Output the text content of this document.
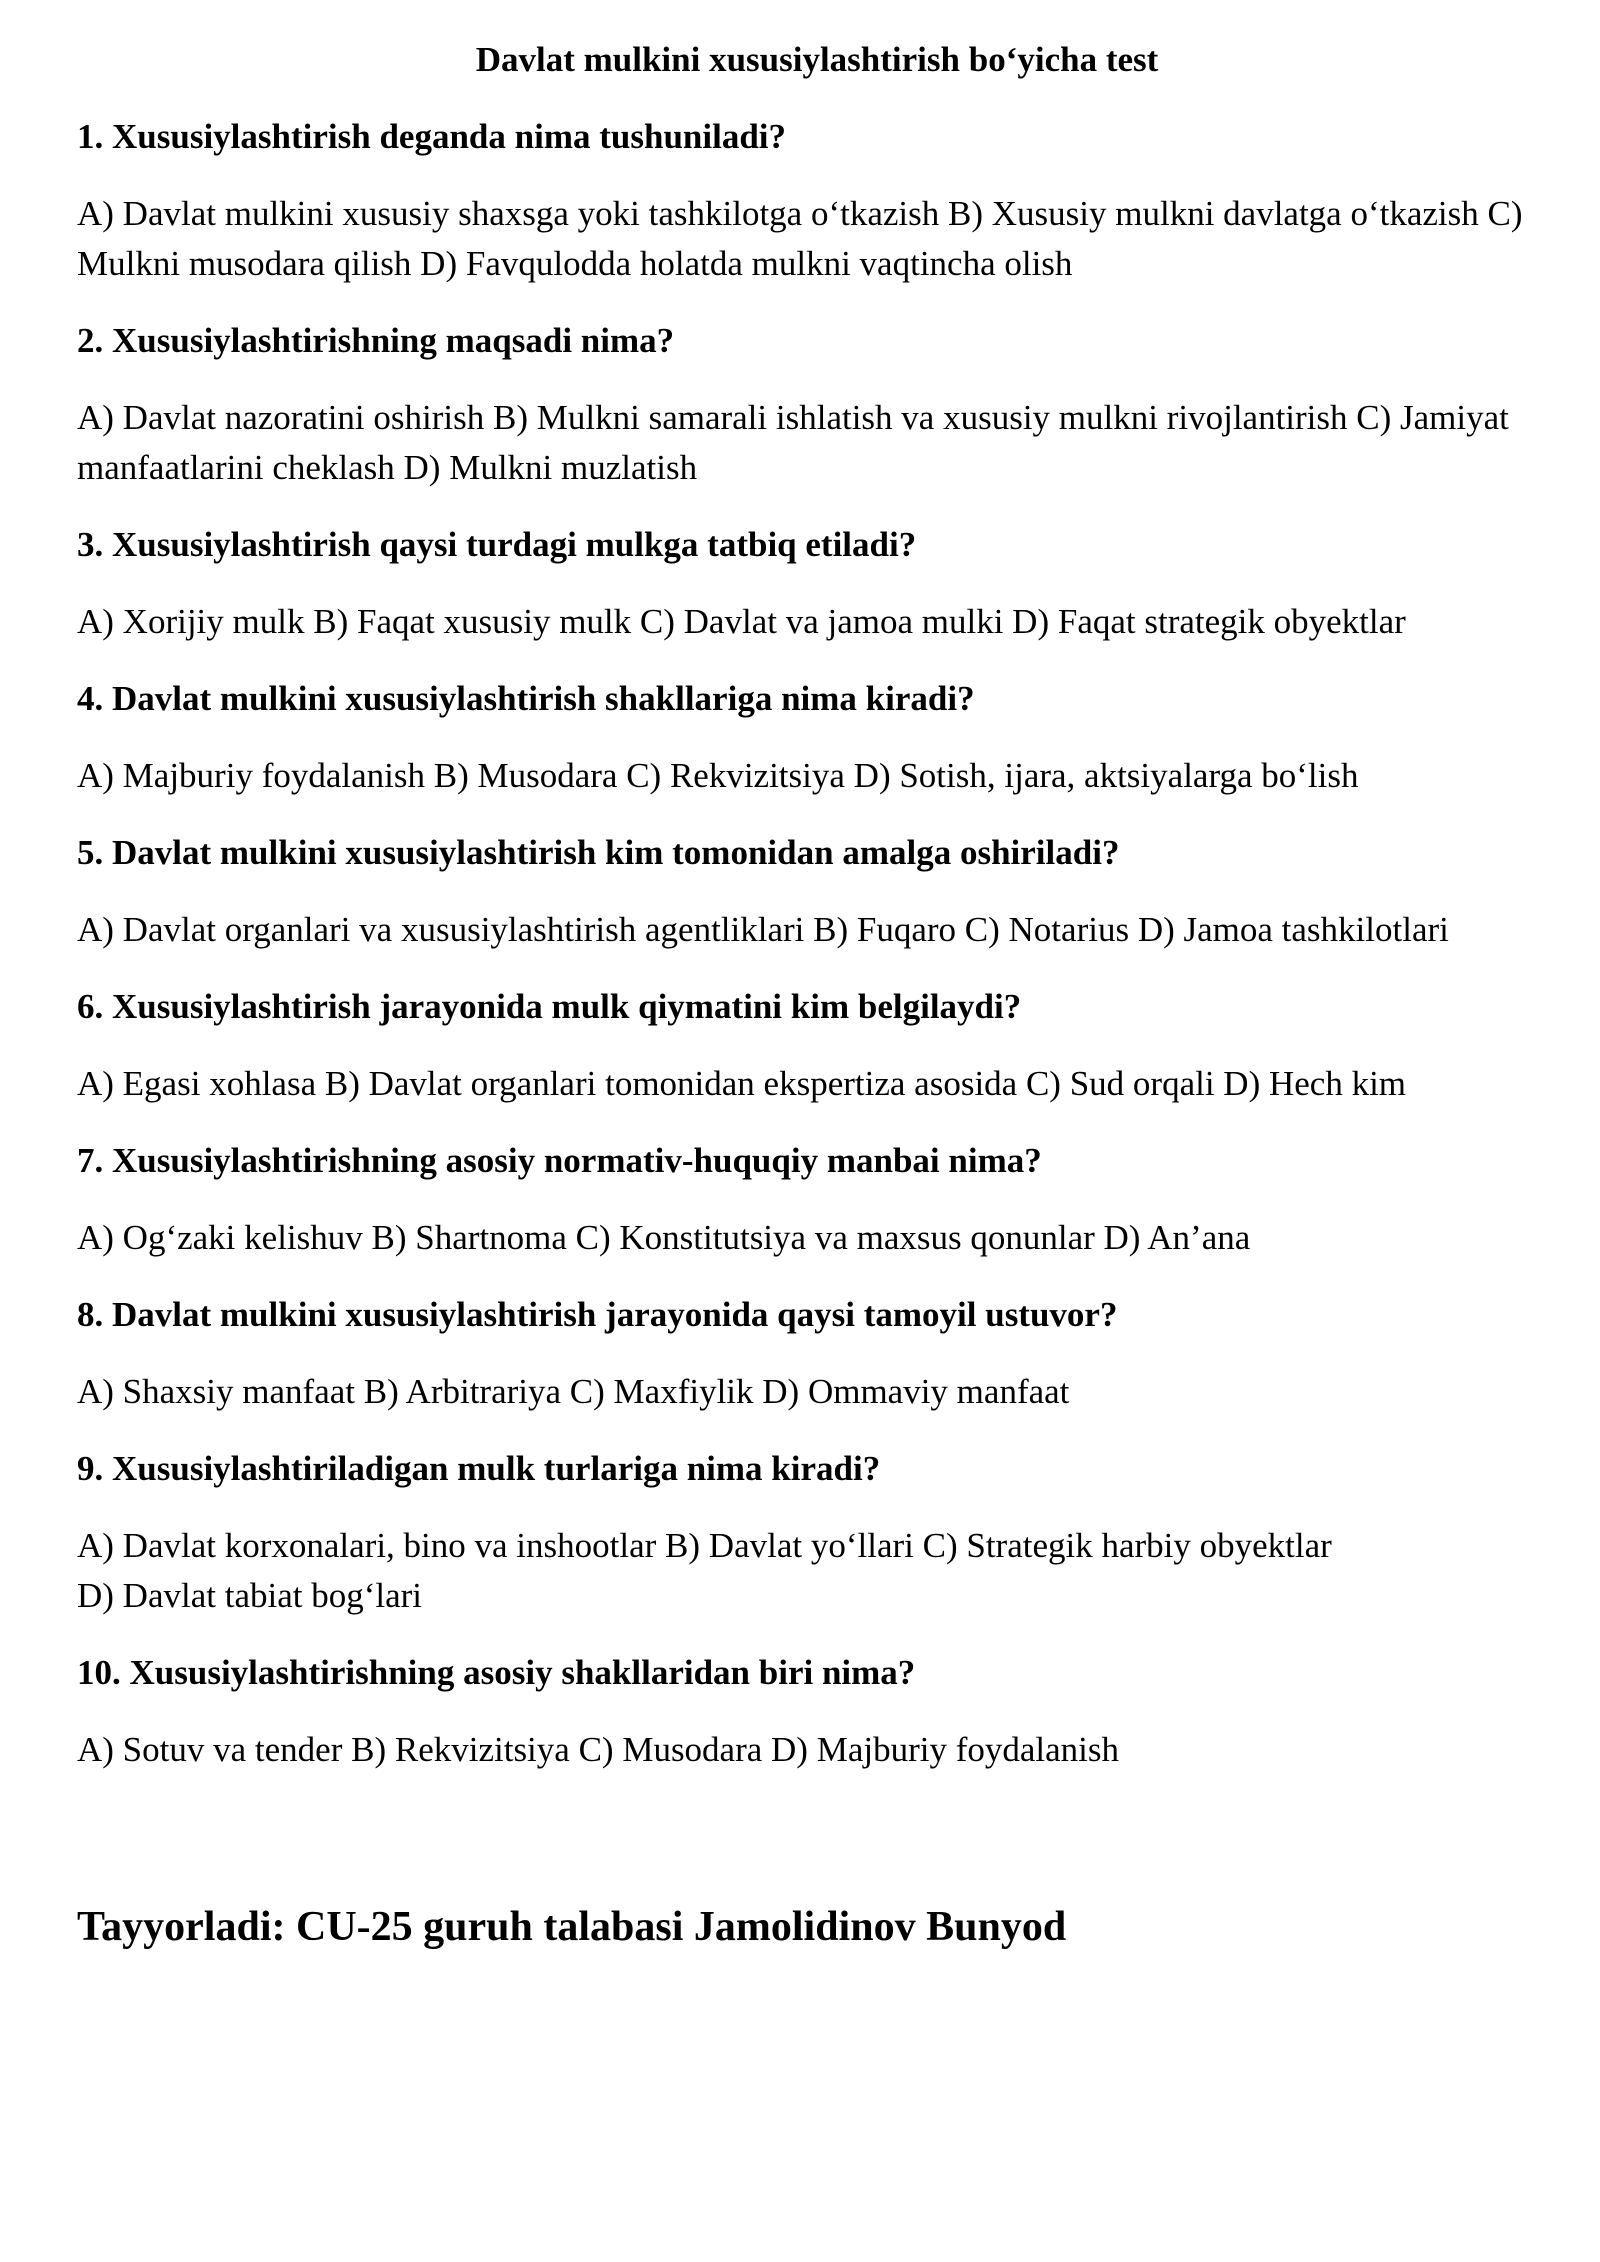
Davlat mulkini xususiylashtirish bo‘yicha test
1. Xususiylashtirish deganda nima tushuniladi?
A) Davlat mulkini xususiy shaxsga yoki tashkilotga o‘tkazish B) Xususiy mulkni davlatga o‘tkazish C) Mulkni musodara qilish D) Favqulodda holatda mulkni vaqtincha olish
2. Xususiylashtirishning maqsadi nima?
A) Davlat nazoratini oshirish B) Mulkni samarali ishlatish va xususiy mulkni rivojlantirish C) Jamiyat manfaatlarini cheklash D) Mulkni muzlatish
3. Xususiylashtirish qaysi turdagi mulkga tatbiq etiladi?
A) Xorijiy mulk B) Faqat xususiy mulk C) Davlat va jamoa mulki D) Faqat strategik obyektlar
4. Davlat mulkini xususiylashtirish shakllariga nima kiradi?
A) Majburiy foydalanish B) Musodara C) Rekvizitsiya D) Sotish, ijara, aktsiyalarga bo‘lish
5. Davlat mulkini xususiylashtirish kim tomonidan amalga oshiriladi?
A) Davlat organlari va xususiylashtirish agentliklari B) Fuqaro C) Notarius D) Jamoa tashkilotlari
6. Xususiylashtirish jarayonida mulk qiymatini kim belgilaydi?
A) Egasi xohlasa B) Davlat organlari tomonidan ekspertiza asosida C) Sud orqali D) Hech kim
7. Xususiylashtirishning asosiy normativ-huquqiy manbai nima?
A) Og‘zaki kelishuv B) Shartnoma C) Konstitutsiya va maxsus qonunlar D) An’ana
8. Davlat mulkini xususiylashtirish jarayonida qaysi tamoyil ustuvor?
A) Shaxsiy manfaat B) Arbitrariya C) Maxfiylik D) Ommaviy manfaat
9. Xususiylashtiriladigan mulk turlariga nima kiradi?
A) Davlat korxonalari, bino va inshootlar B) Davlat yo‘llari C) Strategik harbiy obyektlar
D) Davlat tabiat bog‘lari
10. Xususiylashtirishning asosiy shakllaridan biri nima?
A) Sotuv va tender B) Rekvizitsiya C) Musodara D) Majburiy foydalanish
Tayyorladi: CU-25 guruh talabasi Jamolidinov Bunyod
